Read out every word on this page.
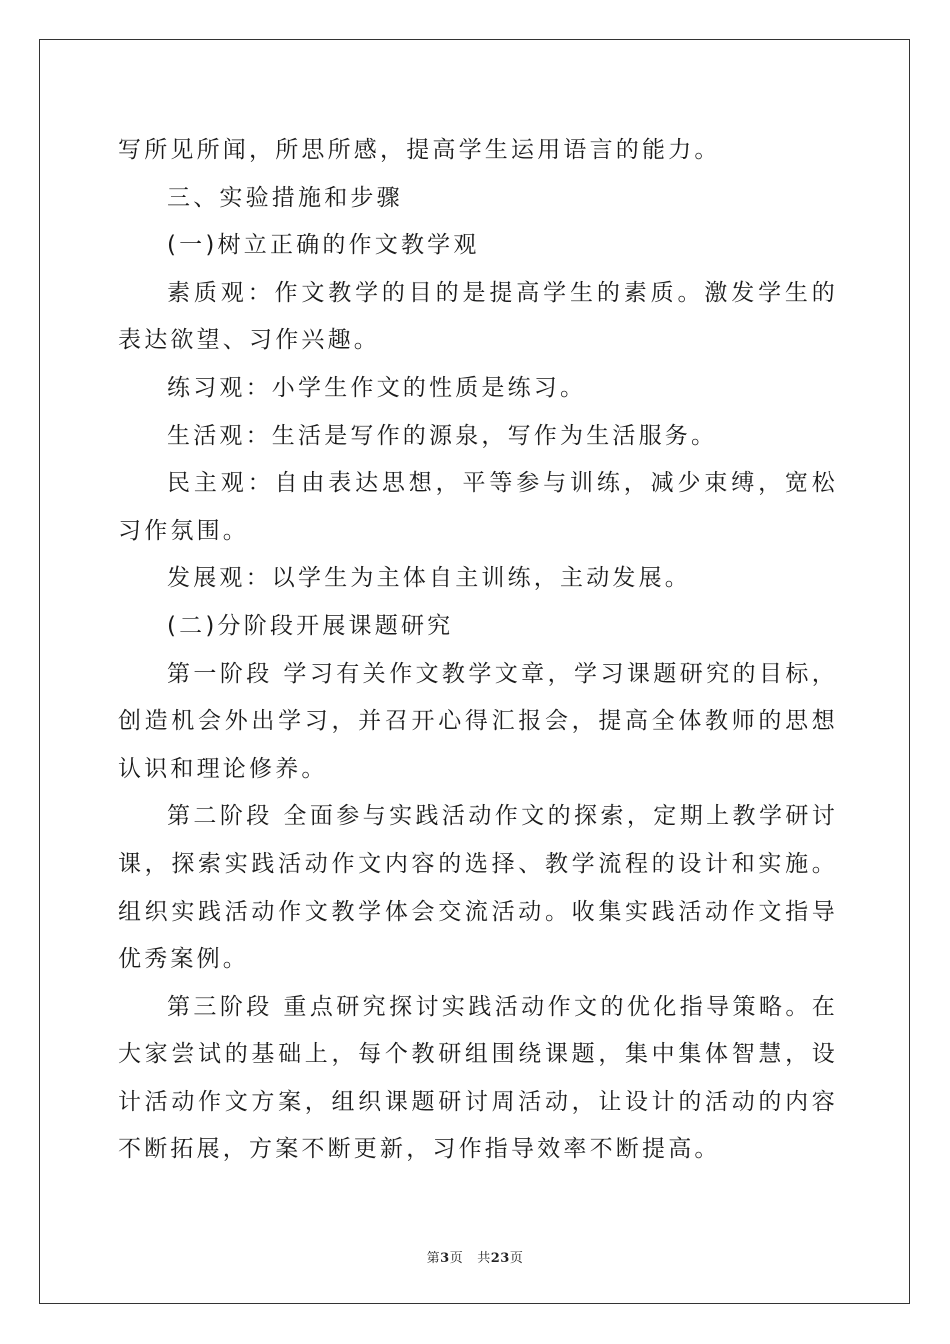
写所见所闻，所思所感，提高学生运用语言的能力。

三、实验措施和步骤

(一)树立正确的作文教学观

素质观：作文教学的目的是提高学生的素质。激发学生的表达欲望、习作兴趣。

练习观：小学生作文的性质是练习。

生活观：生活是写作的源泉，写作为生活服务。

民主观：自由表达思想，平等参与训练，减少束缚，宽松习作氛围。

发展观：以学生为主体自主训练，主动发展。

(二)分阶段开展课题研究

第一阶段 学习有关作文教学文章，学习课题研究的目标，创造机会外出学习，并召开心得汇报会，提高全体教师的思想认识和理论修养。

第二阶段 全面参与实践活动作文的探索，定期上教学研讨课，探索实践活动作文内容的选择、教学流程的设计和实施。组织实践活动作文教学体会交流活动。收集实践活动作文指导优秀案例。

第三阶段 重点研究探讨实践活动作文的优化指导策略。在大家尝试的基础上，每个教研组围绕课题，集中集体智慧，设计活动作文方案，组织课题研讨周活动，让设计的活动的内容不断拓展，方案不断更新，习作指导效率不断提高。

第3页 共23页
